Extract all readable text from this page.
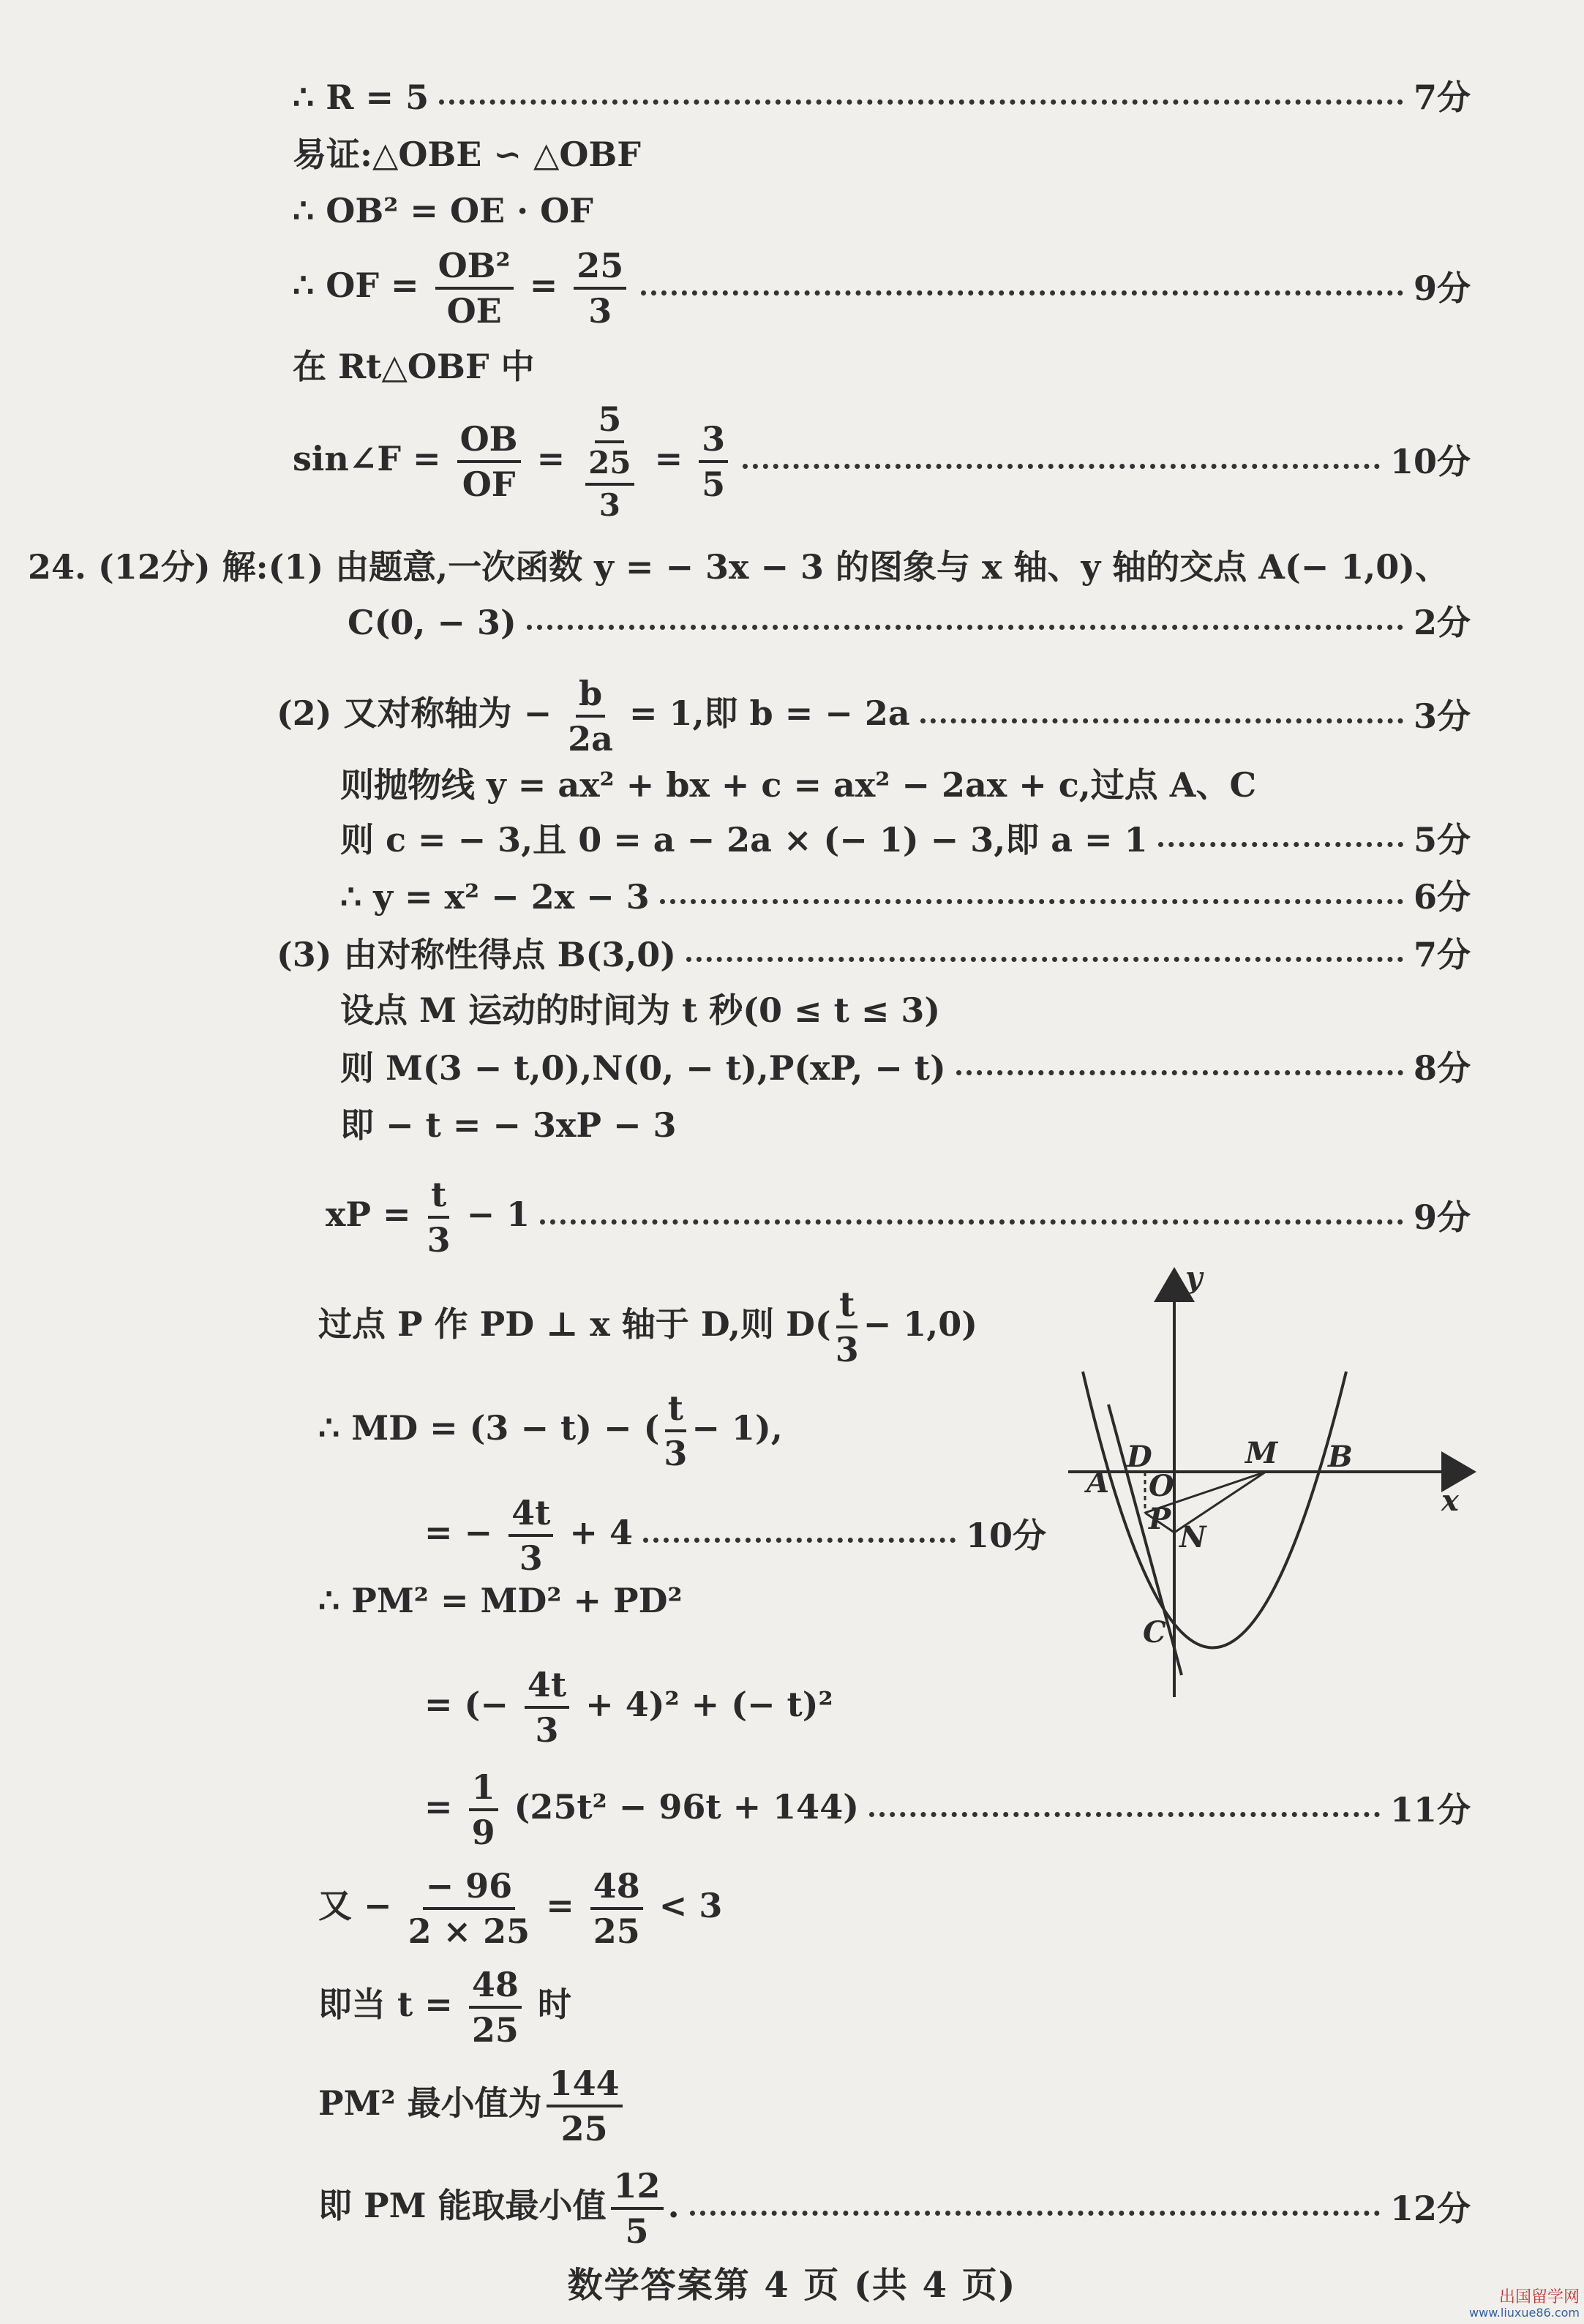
∴ R = 5	7分
易证:△OBE ∽ △OBF
∴ OB² = OE · OF
∴ OF = $\frac{\text{OB²}}{OE} = \frac{25}{3}$	9分
在 Rt△OBF 中
sin∠F = $\frac{OB}{OF} = \frac{5}{\frac{25}{3}} = \frac{3}{5}$	10分
24. (12分) 解:(1) 由题意,一次函数 y = − 3x − 3 的图象与 x 轴、y 轴的交点 A(− 1,0)、
C(0, − 3)	2分
(2) 又对称轴为 − $\frac{b}{2a} = 1$,即 b = − 2a	3分
则抛物线 y = ax² + bx + c = ax² − 2ax + c,过点 A、C
则 c = − 3,且 0 = a − 2a × (− 1) − 3,即 a = 1	5分
∴ y = x² − 2x − 3	6分
(3) 由对称性得点 B(3,0)	7分
设点 M 运动的时间为 t 秒(0 ≤ t ≤ 3)
则 M(3 − t,0),N(0, − t),P(xP, − t)	8分
即 − t = − 3xP − 3
xP = $\frac{t}{3} - 1$	9分
过点 P 作 PD ⊥ x 轴于 D,则 $D( \frac{t}{3} - 1,0)$
∴ MD = (3 − t) − ( $\frac{t}{3} - 1$),
= − $\frac{4t}{3} + 4$	10分
∴ PM² = MD² + PD²
= (− $\frac{4t}{3} + 4)^2$ + (− t)²
= $\frac{1}{9} (25t^2 - 96t + 144)$	11分
又 − $\frac{- 96}{2 \times 25} = \frac{48}{25} < 3$
即当 $t = \frac{48}{25}$ 时
PM² 最小值为 $\frac{144}{25}$
即 PM 能取最小值 $\frac{12}{5}$ .	12分
y
x
A
B
C
D
O
M
P
N
数学答案第 4 页 (共 4 页)	出国留学网
www.liuxue86.com
